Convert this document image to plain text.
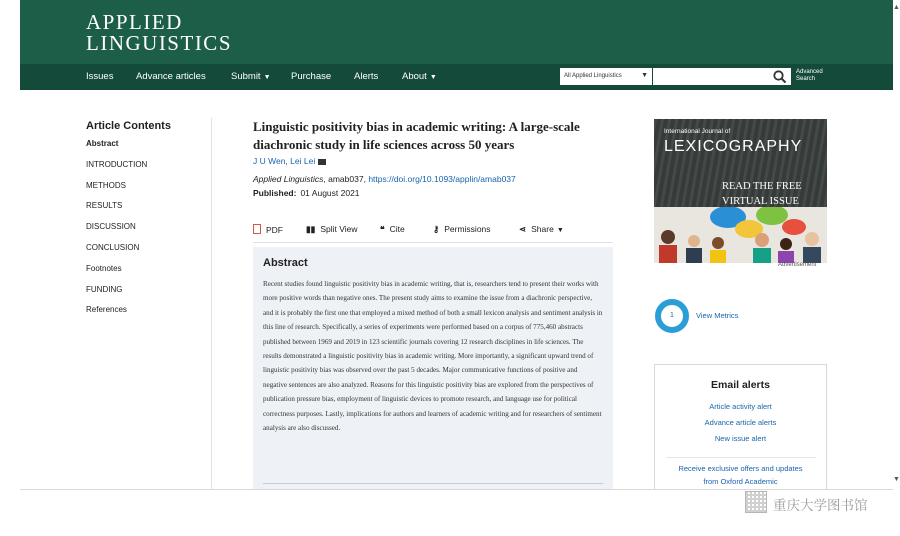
APPLIED
LINGUISTICS
Issues Advance articles	Submit ▼ Purchase Alerts About ▼	All Applied Linguistics	▼	Advanced
Search
Article Contents
Abstract
INTRODUCTION
METHODS
RESULTS
DISCUSSION
CONCLUSION
Footnotes
FUNDING
References
Linguistic positivity bias in academic writing: A large-scale diachronic study in life sciences across 50 years
J U Wen, Lei Lei
Applied Linguistics, amab037, https://doi.org/10.1093/applin/amab037
Published: 01 August 2021
PDF	▮▮ Split View	❝ Cite	⚷ Permissions	⋖ Share ▼
Abstract

Recent studies found linguistic positivity bias in academic writing, that is, researchers tend to present their works with more positive words than negative ones. The present study aims to examine the issue from a diachronic perspective, and it is probably the first one that employed a mixed method of both a small lexicon analysis and sentiment analysis in this line of research. Specifically, a series of experiments were performed based on a corpus of 775,460 abstracts published between 1969 and 2019 in 123 scientific journals covering 12 research disciplines in life sciences. The results demonstrated a linguistic positivity bias in academic writing. More importantly, a significant upward trend of linguistic positivity bias was observed over the past 5 decades. Major communicative functions of positive and negative sentences are also analyzed. Reasons for this linguistic positivity bias are explored from the perspectives of publication pressure bias, employment of linguistic devices to promote research, and language use for political correctness purposes. Lastly, implications for authors and learners of academic writing and for researchers of sentiment analysis are also discussed.

International Journal of
LEXICOGRAPHY
READ THE FREE
VIRTUAL ISSUE
Advertisement
1	View Metrics
Email alerts
Article activity alert
Advance article alerts
New issue alert
Receive exclusive offers and updates
from Oxford Academic
▲
▼
重庆大学图书馆
